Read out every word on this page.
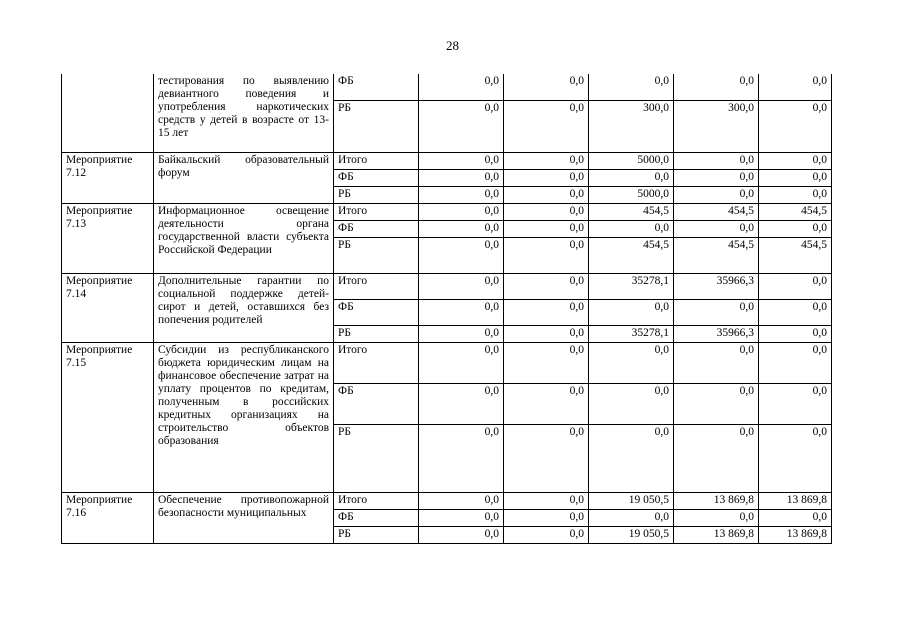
28
	тестирования по выявлению девиантного поведения и употребления наркотических средств у детей в возрасте от 13-15 лет	ФБ	0,0	0,0	0,0	0,0	0,0
		РБ	0,0	0,0	300,0	300,0	0,0
Мероприятие 7.12	Байкальский образовательный форум	Итого	0,0	0,0	5000,0	0,0	0,0
		ФБ	0,0	0,0	0,0	0,0	0,0
		РБ	0,0	0,0	5000,0	0,0	0,0
Мероприятие 7.13	Информационное освещение деятельности органа государственной власти субъекта Российской Федерации	Итого	0,0	0,0	454,5	454,5	454,5
		ФБ	0,0	0,0	0,0	0,0	0,0
		РБ	0,0	0,0	454,5	454,5	454,5
Мероприятие 7.14	Дополнительные гарантии по социальной поддержке детей-сирот и детей, оставшихся без попечения родителей	Итого	0,0	0,0	35278,1	35966,3	0,0
		ФБ	0,0	0,0	0,0	0,0	0,0
		РБ	0,0	0,0	35278,1	35966,3	0,0
Мероприятие 7.15	Субсидии из республиканского бюджета юридическим лицам на финансовое обеспечение затрат на уплату процентов по кредитам, полученным в российских кредитных организациях на строительство объектов образования	Итого	0,0	0,0	0,0	0,0	0,0
		ФБ	0,0	0,0	0,0	0,0	0,0
		РБ	0,0	0,0	0,0	0,0	0,0
Мероприятие 7.16	Обеспечение противопожарной безопасности муниципальных	Итого	0,0	0,0	19 050,5	13 869,8	13 869,8
		ФБ	0,0	0,0	0,0	0,0	0,0
		РБ	0,0	0,0	19 050,5	13 869,8	13 869,8
